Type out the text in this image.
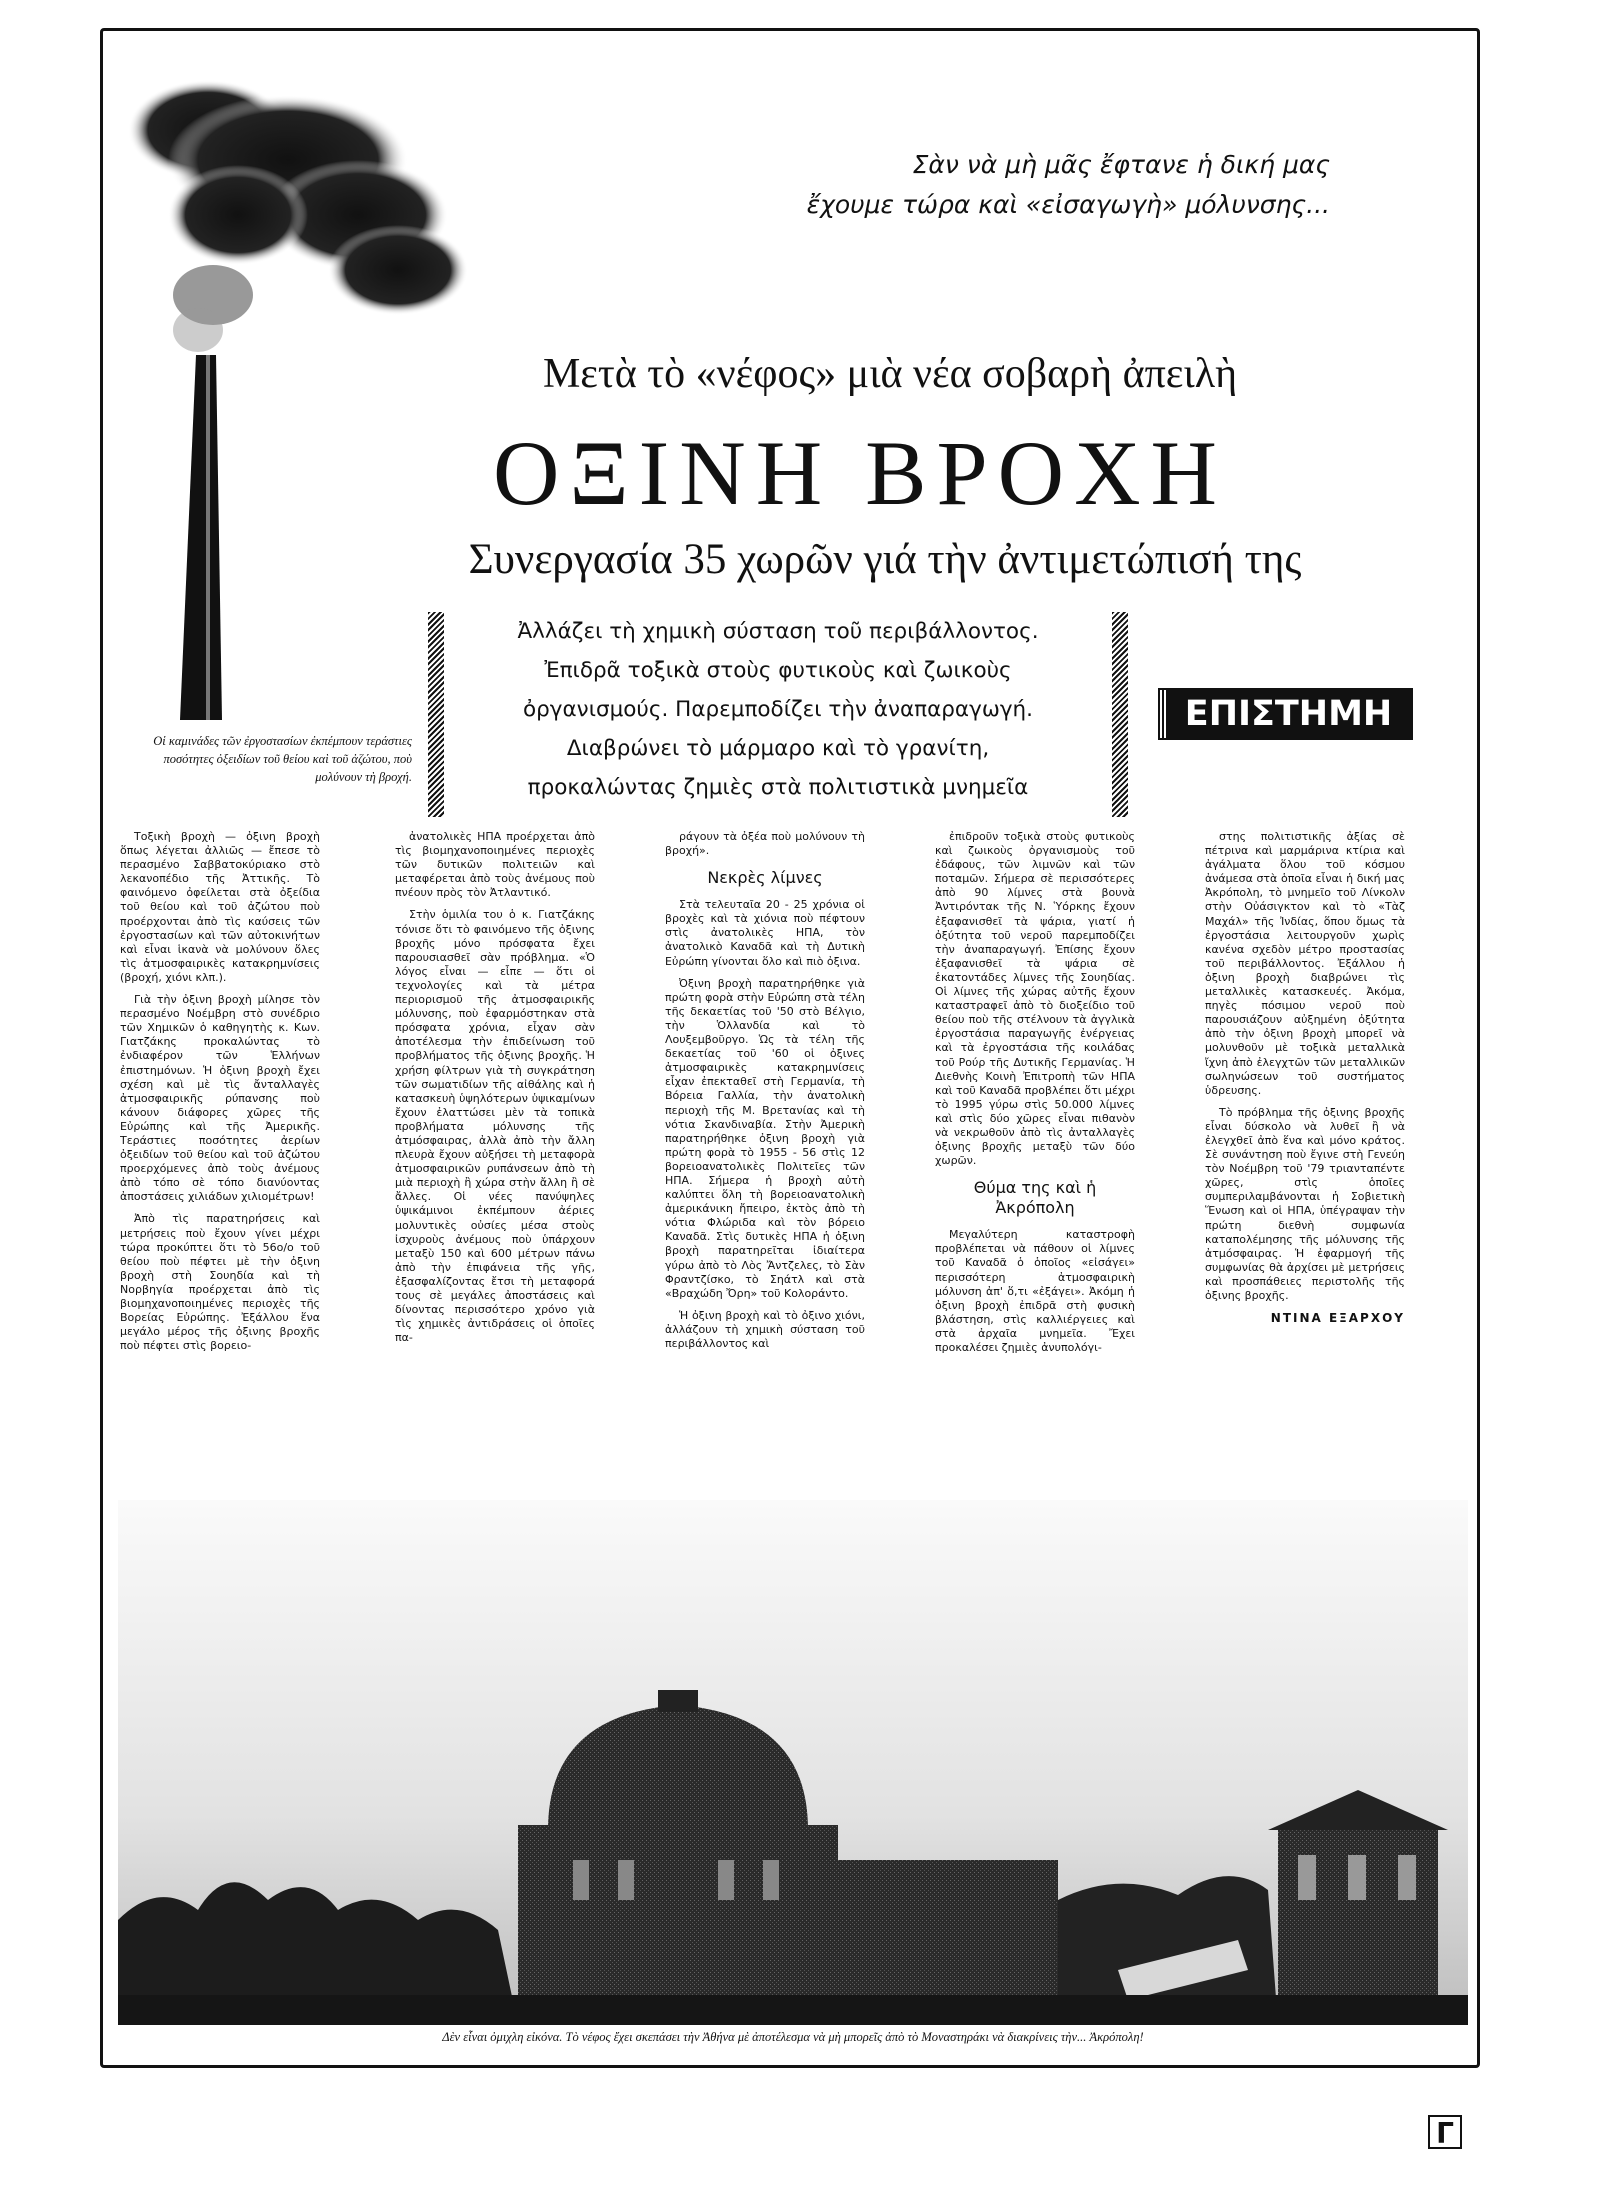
Σὰν νὰ μὴ μᾶς ἔφτανε ἡ δική μας
ἔχουμε τώρα καὶ «εἰσαγωγὴ» μόλυνσης...
Μετὰ τὸ «νέφος» μιὰ νέα σοβαρὴ ἀπειλὴ
ΟΞΙΝΗ ΒΡΟΧΗ
Συνεργασία 35 χωρῶν γιά τὴν ἀντιμετώπισή της
Ἀλλάζει τὴ χημικὴ σύσταση τοῦ περιβάλλοντος.
Ἐπιδρᾶ τοξικὰ στοὺς φυτικοὺς καὶ ζωικοὺς
ὀργανισμούς. Παρεμποδίζει τὴν ἀναπαραγωγή.
Διαβρώνει τὸ μάρμαρο καὶ τὸ γρανίτη,
προκαλώντας ζημιὲς στὰ πολιτιστικὰ μνημεῖα
ΕΠΙΣΤΗΜΗ
Οἱ καμινάδες τῶν ἐργοστασίων ἐκπέμπουν τεράστιες ποσότητες ὀξειδίων τοῦ θείου καὶ τοῦ ἀζώτου, ποὺ μολύνουν τὴ βροχή.

Τοξικὴ βροχὴ — ὀξινη βροχὴ ὅπως λέγεται ἀλλιῶς — ἔπεσε τὸ περασμένο Σαββατοκύριακο στὸ λεκανοπέδιο τῆς Ἀττικῆς. Τὸ φαινόμενο ὀφείλεται στὰ ὀξείδια τοῦ θείου καὶ τοῦ ἀζώτου ποὺ προέρχονται ἀπὸ τὶς καύσεις τῶν ἐργοστασίων καὶ τῶν αὐτοκινήτων καὶ εἶναι ἱκανὰ νὰ μολύνουν ὅλες τὶς ἀτμοσφαιρικὲς κατακρημνίσεις (βροχή, χιόνι κλπ.).

Γιὰ τὴν ὀξινη βροχὴ μίλησε τὸν περασμένο Νοέμβρη στὸ συνέδριο τῶν Χημικῶν ὁ καθηγητὴς κ. Κων. Γιατζάκης προκαλώντας τὸ ἐνδιαφέρον τῶν Ἑλλήνων ἐπιστημόνων. Ἡ ὀξινη βροχὴ ἔχει σχέση καὶ μὲ τὶς ἄνταλλαγὲς ἀτμοσφαιρικῆς ρύπανσης ποὺ κάνουν διάφορες χῶρες τῆς Εὐρώπης καὶ τῆς Ἀμερικῆς. Τεράστιες ποσότητες ἀερίων ὀξειδίων τοῦ θείου καὶ τοῦ ἀζώτου προερχόμενες ἀπὸ τοὺς ἀνέμους ἀπὸ τόπο σὲ τόπο διανύοντας ἀποστάσεις χιλιάδων χιλιομέτρων!

Ἀπὸ τὶς παρατηρήσεις καὶ μετρήσεις ποὺ ἔχουν γίνει μέχρι τώρα προκύπτει ὅτι τὸ 56ο/ο τοῦ θείου ποὺ πέφτει μὲ τὴν ὀξινη βροχὴ στὴ Σουηδία καὶ τὴ Νορβηγία προέρχεται ἀπὸ τὶς βιομηχανοποιημένες περιοχὲς τῆς Βορείας Εὐρώπης. Ἐξάλλου ἕνα μεγάλο μέρος τῆς ὀξινης βροχῆς ποὺ πέφτει στὶς βορειο-

ἀνατολικὲς ΗΠΑ προέρχεται ἀπὸ τὶς βιομηχανοποιημένες περιοχὲς τῶν δυτικῶν πολιτειῶν καὶ μεταφέρεται ἀπὸ τοὺς ἀνέμους ποὺ πνέουν πρὸς τὸν Ἀτλαντικό.

Στὴν ὁμιλία του ὁ κ. Γιατζάκης τόνισε ὅτι τὸ φαινόμενο τῆς ὀξινης βροχῆς μόνο πρόσφατα ἔχει παρουσιασθεῖ σὰν πρόβλημα. «Ὁ λόγος εἶναι — εἶπε — ὅτι οἱ τεχνολογίες καὶ τὰ μέτρα περιορισμοῦ τῆς ἀτμοσφαιρικῆς μόλυνσης, ποὺ ἐφαρμόστηκαν στὰ πρόσφατα χρόνια, εἶχαν σὰν ἀποτέλεσμα τὴν ἐπιδείνωση τοῦ προβλήματος τῆς ὀξινης βροχῆς. Ἡ χρήση φίλτρων γιὰ τὴ συγκράτηση τῶν σωματιδίων τῆς αἰθάλης καὶ ἡ κατασκευὴ ὑψηλότερων ὑψικαμίνων ἔχουν ἐλαττώσει μὲν τὰ τοπικὰ προβλήματα μόλυνσης τῆς ἀτμόσφαιρας, ἀλλὰ ἀπὸ τὴν ἄλλη πλευρὰ ἔχουν αὐξήσει τὴ μεταφορὰ ἀτμοσφαιρικῶν ρυπάνσεων ἀπὸ τὴ μιὰ περιοχὴ ἢ χώρα στὴν ἄλλη ἢ σὲ ἄλλες. Οἱ νέες πανύψηλες ὑψικάμινοι ἐκπέμπουν ἀέριες μολυντικὲς οὐσίες μέσα στοὺς ἰσχυροὺς ἀνέμους ποὺ ὑπάρχουν μεταξὺ 150 καὶ 600 μέτρων πάνω ἀπὸ τὴν ἐπιφάνεια τῆς γῆς, ἐξασφαλίζοντας ἔτσι τὴ μεταφορά τους σὲ μεγάλες ἀποστάσεις καὶ δίνοντας περισσότερο χρόνο γιὰ τὶς χημικὲς ἀντιδράσεις οἱ ὁποῖες πα-

ράγουν τὰ ὀξέα ποὺ μολύνουν τὴ βροχή».

Νεκρὲς λίμνες

Στὰ τελευταῖα 20 - 25 χρόνια οἱ βροχὲς καὶ τὰ χιόνια ποὺ πέφτουν στὶς ἀνατολικὲς ΗΠΑ, τὸν ἀνατολικὸ Καναδᾶ καὶ τὴ Δυτικὴ Εὐρώπη γίνονται ὅλο καὶ πιὸ ὀξινα.

Ὀξινη βροχὴ παρατηρήθηκε γιὰ πρώτη φορὰ στὴν Εὐρώπη στὰ τέλη τῆς δεκαετίας τοῦ '50 στὸ Βέλγιο, τὴν Ὁλλανδία καὶ τὸ Λουξεμβοῦργο. Ὡς τὰ τέλη τῆς δεκαετίας τοῦ '60 οἱ ὀξινες ἀτμοσφαιρικὲς κατακρημνίσεις εἶχαν ἐπεκταθεῖ στὴ Γερμανία, τὴ Βόρεια Γαλλία, τὴν ἀνατολικὴ περιοχὴ τῆς Μ. Βρετανίας καὶ τὴ νότια Σκανδιναβία. Στὴν Ἀμερικὴ παρατηρήθηκε ὀξινη βροχὴ γιὰ πρώτη φορὰ τὸ 1955 - 56 στὶς 12 βορειοανατολικὲς Πολιτεῖες τῶν ΗΠΑ. Σήμερα ἡ βροχὴ αὐτὴ καλύπτει ὅλη τὴ βορειοανατολικὴ ἀμερικάνικη ἤπειρο, ἐκτὸς ἀπὸ τὴ νότια Φλώριδα καὶ τὸν βόρειο Καναδᾶ. Στὶς δυτικὲς ΗΠΑ ἡ ὀξινη βροχὴ παρατηρεῖται ἰδιαίτερα γύρω ἀπὸ τὸ Λὸς Ἄντζελες, τὸ Σὰν Φραντζίσκο, τὸ Σηάτλ καὶ στὰ «Βραχώδη Ὄρη» τοῦ Κολοράντο.

Ἡ ὀξινη βροχὴ καὶ τὸ ὀξινο χιόνι, ἀλλάζουν τὴ χημικὴ σύσταση τοῦ περιβάλλοντος καὶ

ἐπιδροῦν τοξικὰ στοὺς φυτικοὺς καὶ ζωικοὺς ὀργανισμοὺς τοῦ ἐδάφους, τῶν λιμνῶν καὶ τῶν ποταμῶν. Σήμερα σὲ περισσότερες ἀπὸ 90 λίμνες στὰ βουνὰ Ἀντιρόντακ τῆς Ν. Ὑόρκης ἔχουν ἐξαφανισθεῖ τὰ ψάρια, γιατί ἡ ὀξύτητα τοῦ νεροῦ παρεμποδίζει τὴν ἀναπαραγωγή. Ἐπίσης ἔχουν ἐξαφανισθεῖ τὰ ψάρια σὲ ἑκατοντάδες λίμνες τῆς Σουηδίας. Οἱ λίμνες τῆς χώρας αὐτῆς ἔχουν καταστραφεῖ ἀπὸ τὸ διοξείδιο τοῦ θείου ποὺ τῆς στέλνουν τὰ ἀγγλικὰ ἐργοστάσια παραγωγῆς ἐνέργειας καὶ τὰ ἐργοστάσια τῆς κοιλάδας τοῦ Ρούρ τῆς Δυτικῆς Γερμανίας. Ἡ Διεθνὴς Κοινὴ Ἐπιτροπὴ τῶν ΗΠΑ καὶ τοῦ Καναδᾶ προβλέπει ὅτι μέχρι τὸ 1995 γύρω στὶς 50.000 λίμνες καὶ στὶς δύο χῶρες εἶναι πιθανὸν νὰ νεκρωθοῦν ἀπὸ τὶς ἀνταλλαγὲς ὀξινης βροχῆς μεταξὺ τῶν δύο χωρῶν.

Θύμα της καὶ ἡ Ἀκρόπολη

Μεγαλύτερη καταστροφὴ προβλέπεται νὰ πάθουν οἱ λίμνες τοῦ Καναδᾶ ὁ ὁποῖος «εἰσάγει» περισσότερη ἀτμοσφαιρικὴ μόλυνση ἀπ' ὅ,τι «ἐξάγει». Ἀκόμη ἡ ὀξινη βροχὴ ἐπιδρᾶ στὴ φυσικὴ βλάστηση, στὶς καλλιέργειες καὶ στὰ ἀρχαῖα μνημεῖα. Ἔχει προκαλέσει ζημιὲς ἀνυπολόγι-

στης πολιτιστικῆς ἀξίας σὲ πέτρινα καὶ μαρμάρινα κτίρια καὶ ἀγάλματα ὅλου τοῦ κόσμου ἀνάμεσα στὰ ὁποῖα εἶναι ἡ δική μας Ἀκρόπολη, τὸ μνημεῖο τοῦ Λίνκολν στὴν Οὐάσιγκτον καὶ τὸ «Τὰζ Μαχάλ» τῆς Ἰνδίας, ὅπου ὅμως τὰ ἐργοστάσια λειτουργοῦν χωρὶς κανένα σχεδὸν μέτρο προστασίας τοῦ περιβάλλοντος. Ἐξάλλου ἡ ὀξινη βροχὴ διαβρώνει τὶς μεταλλικὲς κατασκευές. Ἀκόμα, πηγὲς πόσιμου νεροῦ ποὺ παρουσιάζουν αὐξημένη ὀξύτητα ἀπὸ τὴν ὀξινη βροχὴ μπορεῖ νὰ μολυνθοῦν μὲ τοξικὰ μεταλλικὰ ἴχνη ἀπὸ ἐλεγχτῶν τῶν μεταλλικῶν σωληνώσεων τοῦ συστήματος ὑδρευσης.

Τὸ πρόβλημα τῆς ὀξινης βροχῆς εἶναι δύσκολο νὰ λυθεῖ ἢ νὰ ἐλεγχθεῖ ἀπὸ ἕνα καὶ μόνο κράτος. Σὲ συνάντηση ποὺ ἔγινε στὴ Γενεύη τὸν Νοέμβρη τοῦ '79 τριανταπέντε χῶρες, στὶς ὁποῖες συμπεριλαμβάνονται ἡ Σοβιετικὴ Ἕνωση καὶ οἱ ΗΠΑ, ὑπέγραψαν τὴν πρώτη διεθνὴ συμφωνία καταπολέμησης τῆς μόλυνσης τῆς ἀτμόσφαιρας. Ἡ ἐφαρμογή τῆς συμφωνίας θὰ ἀρχίσει μὲ μετρήσεις καὶ προσπάθειες περιστολῆς τῆς ὀξινης βροχῆς.

ΝΤΙΝΑ ΕΞΑΡΧΟΥ
Δὲν εἶναι ὀμιχλη εἰκόνα. Τὸ νέφος ἔχει σκεπάσει τὴν Ἀθήνα μὲ ἀποτέλεσμα νὰ μὴ μπορεῖς ἀπὸ τὸ Μοναστηράκι νὰ διακρίνεις τὴν... Ἀκρόπολη!
Γ
